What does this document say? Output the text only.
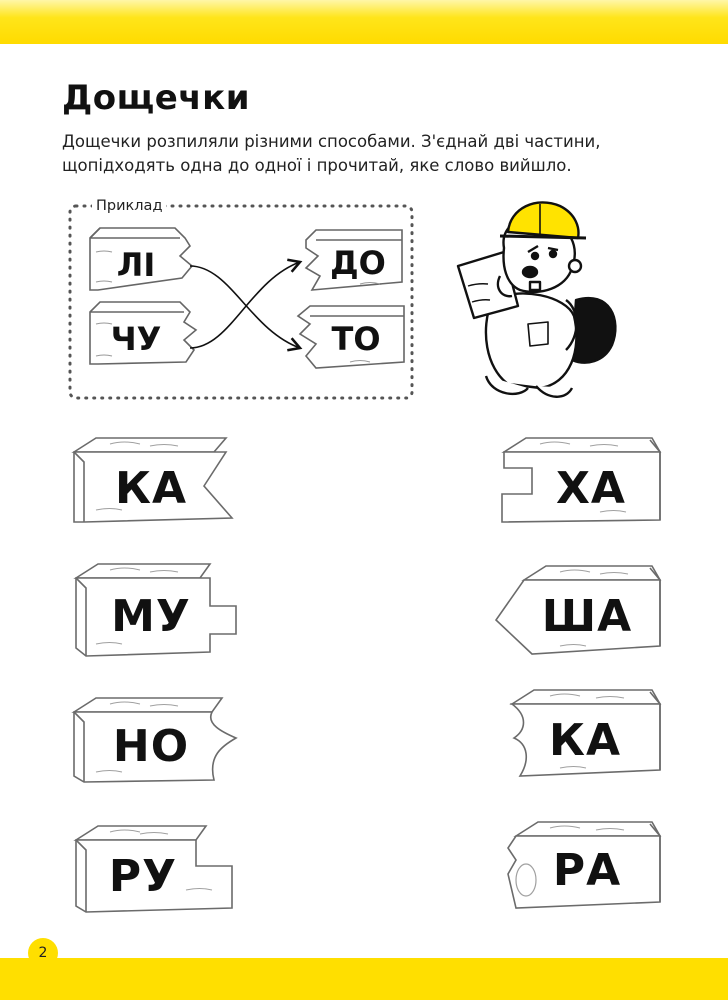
Дощечки
Дощечки розпиляли різними способами. З'єднай дві частини,
щопідходять одна до одної і прочитай, яке слово вийшло.
Приклад
ЛІ
ЧУ
ДО
ТО
КА
МУ
НО
РУ
ХА
ША
КА
РА
2
